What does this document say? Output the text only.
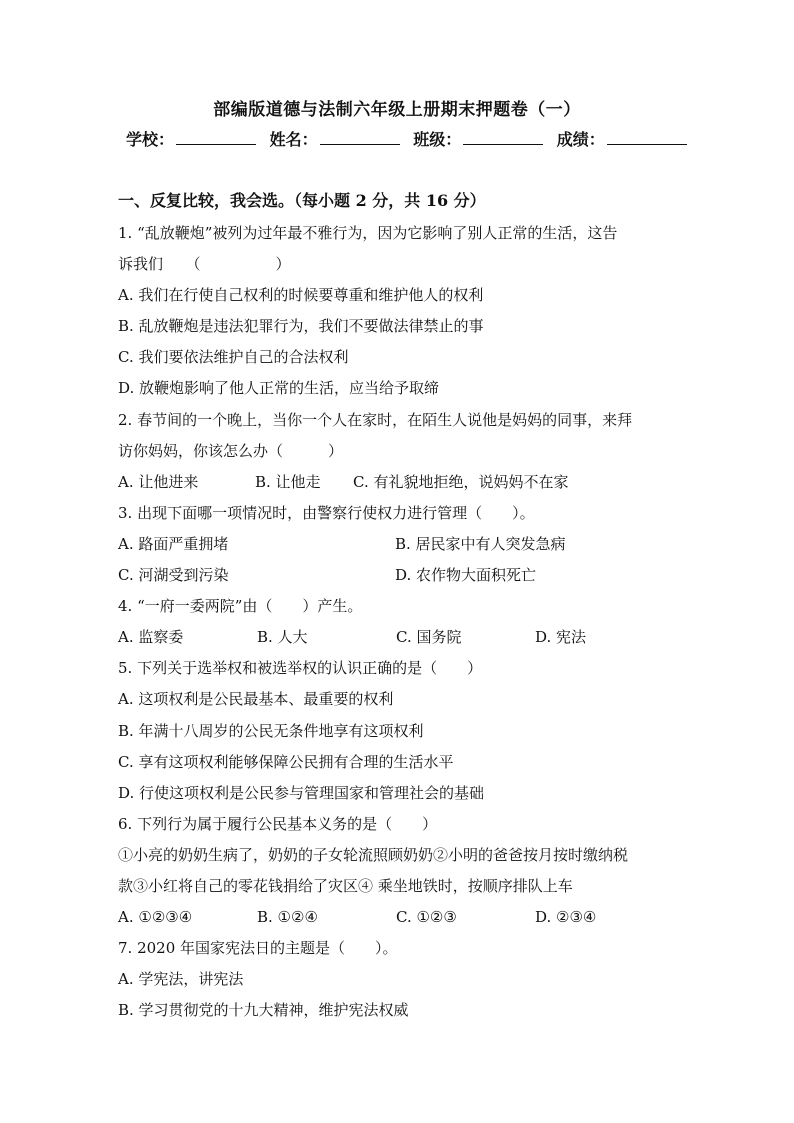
部编版道德与法制六年级上册期末押题卷（一）
学校：	姓名：	班级：	成绩：
一、反复比较，我会选。（每小题 2 分，共 16 分）
1. “乱放鞭炮”被列为过年最不雅行为，因为它影响了别人正常的生活，这告
诉我们　　（　　　　　）
A. 我们在行使自己权利的时候要尊重和维护他人的权利
B. 乱放鞭炮是违法犯罪行为，我们不要做法律禁止的事
C. 我们要依法维护自己的合法权利
D. 放鞭炮影响了他人正常的生活，应当给予取缔
2. 春节间的一个晚上，当你一个人在家时，在陌生人说他是妈妈的同事，来拜
访你妈妈，你该怎么办（　　　）
A. 让他进来	B. 让他走 C. 有礼貌地拒绝，说妈妈不在家
3. 出现下面哪一项情况时，由警察行使权力进行管理（　　）。
A. 路面严重拥堵	B. 居民家中有人突发急病
C. 河湖受到污染	D. 农作物大面积死亡
4. “一府一委两院”由（　　）产生。
A. 监察委	B. 人大	C. 国务院	D. 宪法
5. 下列关于选举权和被选举权的认识正确的是（　　）
A. 这项权利是公民最基本、最重要的权利
B. 年满十八周岁的公民无条件地享有这项权利
C. 享有这项权利能够保障公民拥有合理的生活水平
D. 行使这项权利是公民参与管理国家和管理社会的基础
6. 下列行为属于履行公民基本义务的是（　　）
①小亮的奶奶生病了，奶奶的子女轮流照顾奶奶②小明的爸爸按月按时缴纳税
款③小红将自己的零花钱捐给了灾区④ 乘坐地铁时，按顺序排队上车
A. ①②③④	B. ①②④	C. ①②③	D. ②③④
7. 2020 年国家宪法日的主题是（　　）。
A. 学宪法，讲宪法
B. 学习贯彻党的十九大精神，维护宪法权威
